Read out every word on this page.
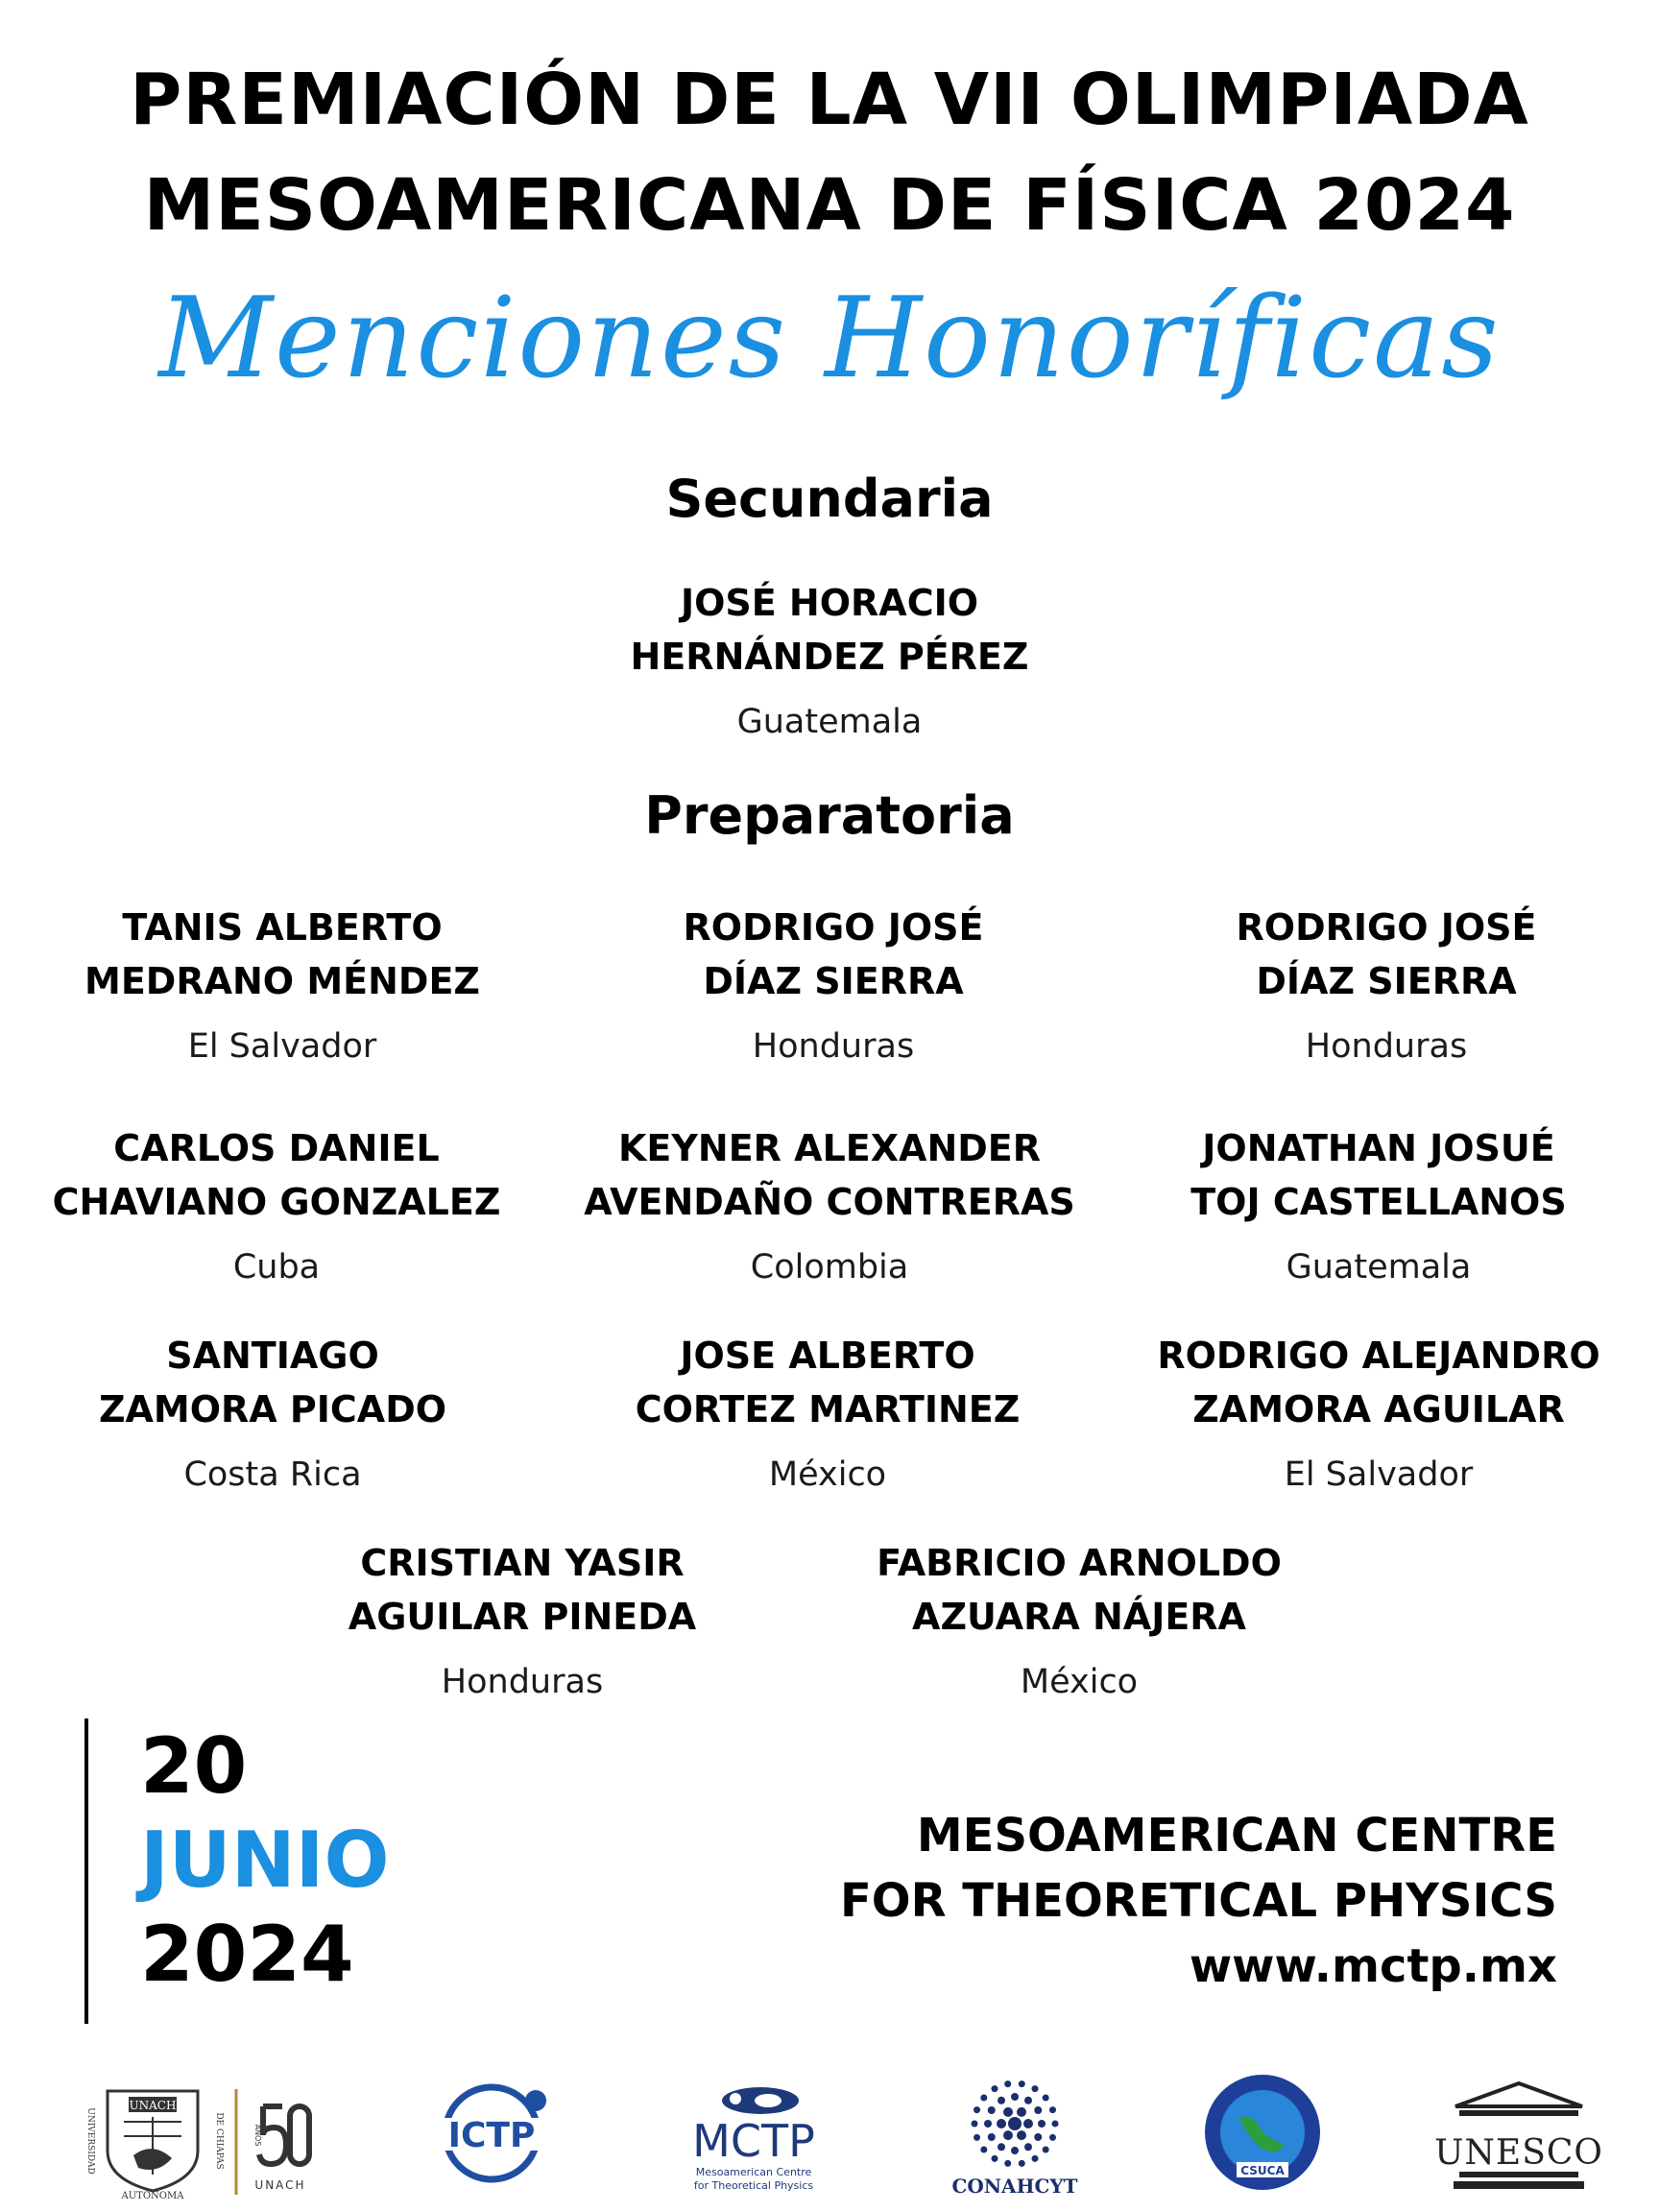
PREMIACIÓN DE LA VII OLIMPIADA
MESOAMERICANA DE FÍSICA 2024
Menciones Honoríficas
Secundaria
JOSÉ HORACIO
HERNÁNDEZ PÉREZ
Guatemala
Preparatoria
TANIS ALBERTO
MEDRANO MÉNDEZ
El Salvador
RODRIGO JOSÉ
DÍAZ SIERRA
Honduras
RODRIGO JOSÉ
DÍAZ SIERRA
Honduras
CARLOS DANIEL
CHAVIANO GONZALEZ
Cuba
KEYNER ALEXANDER
AVENDAÑO CONTRERAS
Colombia
JONATHAN JOSUÉ
TOJ CASTELLANOS
Guatemala
SANTIAGO
ZAMORA PICADO
Costa Rica
JOSE ALBERTO
CORTEZ MARTINEZ
México
RODRIGO ALEJANDRO
ZAMORA AGUILAR
El Salvador
CRISTIAN YASIR
AGUILAR PINEDA
Honduras
FABRICIO ARNOLDO
AZUARA NÁJERA
México
20
JUNIO
2024
MESOAMERICAN CENTRE
FOR THEORETICAL PHYSICS
www.mctp.mx
UNIVERSIDAD	DE CHIAPAS
UNACH
AUTONOMA
AÑOS
UNACH
ICTP	MCTP
Mesoamerican Centre
for Theoretical Physics	CONAHCYT
CSUCA	UNESCO
